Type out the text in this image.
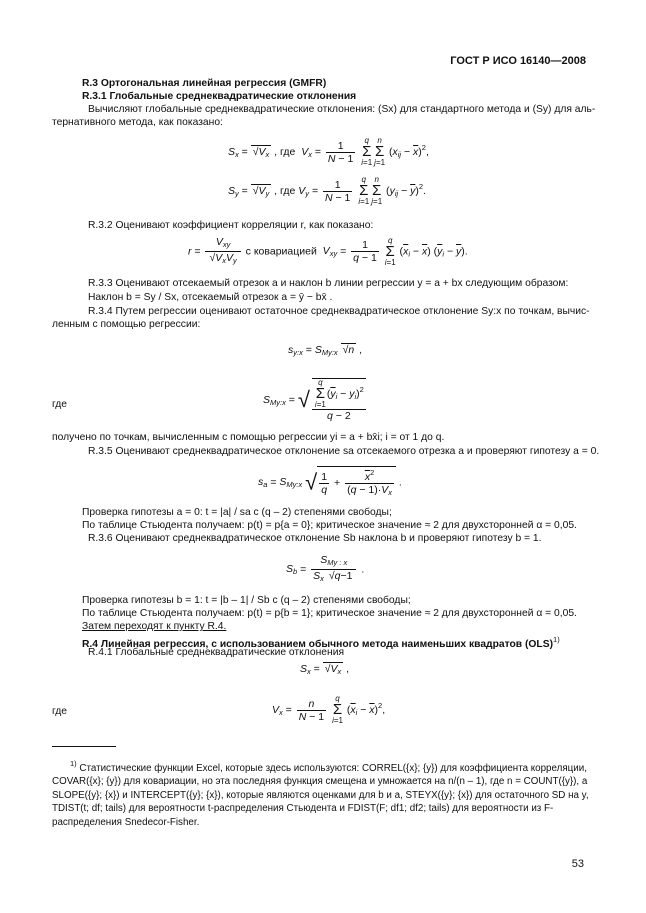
ГОСТ Р ИСО 16140—2008
R.3 Ортогональная линейная регрессия (GMFR)
R.3.1 Глобальные среднеквадратические отклонения
Вычисляют глобальные среднеквадратические отклонения: (Sx) для стандартного метода и (Sy) для аль-
тернативного метода, как показано:
$S_x = √V_x$ , где  $V_x = \frac{1}{N - 1}$ q
Σ
i=1n
Σ
j=1 $(x_{ij} - \overline{x})^2$,
$S_y = √V_y$ , где $V_y = \frac{1}{N - 1}$ q
Σ
i=1n
Σ
j=1 $(y_{ij} - \overline{y})^2$.
R.3.2 Оценивают коэффициент корреляции r, как показано:
$r = \frac{V_{xy}}{√V_xV_y}$ с ковариацией  $V_{xy} = \frac{1}{q - 1}$ q
Σ
i=1 $(\overline{x}_i - \overline{x}) (\overline{y}_i - \overline{y})$.
R.3.3 Оценивают отсекаемый отрезок a и наклон b линии регрессии y = a + bx следующим образом:
Наклон b = Sy / Sx, отсекаемый отрезок a = ȳ − bx̄ .
R.3.4 Путем регрессии оценивают остаточное среднеквадратическое отклонение Sy:x по точкам, вычис-
ленным с помощью регрессии:
$s_{y:x} = S_{My:x}$ √n ,
где	$S_{My:x}$ = √ q
Σ
$i=1(\overline{y}_i - y_i)^2$
q − 2
получено по точкам, вычисленным с помощью регрессии yi = a + bx̄i; i = от 1 до q.
R.3.5 Оценивают среднеквадратическое отклонение sa отсекаемого отрезка a и проверяют гипотезу a = 0.
$s_a = S_{My:x}$ √ $\frac{1}{q} + \frac{\overline{x}^2}{(q - 1)\cdot V_x}$ .
Проверка гипотезы a = 0: t = |a| / sa c (q – 2) степенями свободы;
По таблице Стьюдента получаем: p(t) = p{a = 0}; критическое значение ≈ 2 для двухсторонней α = 0,05.
R.3.6 Оценивают среднеквадратическое отклонение Sb наклона b и проверяют гипотезу b = 1.
$S_b = \frac{S_{My : x}}{S_x √q-1}$ .
Проверка гипотезы b = 1: t = |b – 1| / Sb с (q – 2) степенями свободы;
По таблице Стьюдента получаем: p(t) = p{b = 1}; критическое значение ≈ 2 для двухсторонней α = 0,05.
Затем переходят к пункту R.4.
R.4 Линейная регрессия, с использованием обычного метода наименьших квадратов (OLS)$^{1)}$
R.4.1 Глобальные среднеквадратические отклонения
$S_x = √V_x$ ,
где	$V_x = \frac{n}{N - 1}$ q
Σ
i=1 $(\overline{x}_i - \overline{x})^2$,
$^{1)}$ Статистические функции Excel, которые здесь используются: CORREL({x}; {y}) для коэффициента корреляции, COVAR({x}; {y}) для ковариации, но эта последняя функция смещена и умножается на n/(n – 1), где n = COUNT({y}), a SLOPE({y}; {x}) и INTERCEPT({y}; {x}), которые являются оценками для b и a, STEYX({y}; {x}) для остаточного SD на y, TDIST(t; df; tails) для вероятности t-распределения Стьюдента и FDIST(F; df1; df2; tails) для вероятности из F-распределения Snedecor-Fisher.
53
